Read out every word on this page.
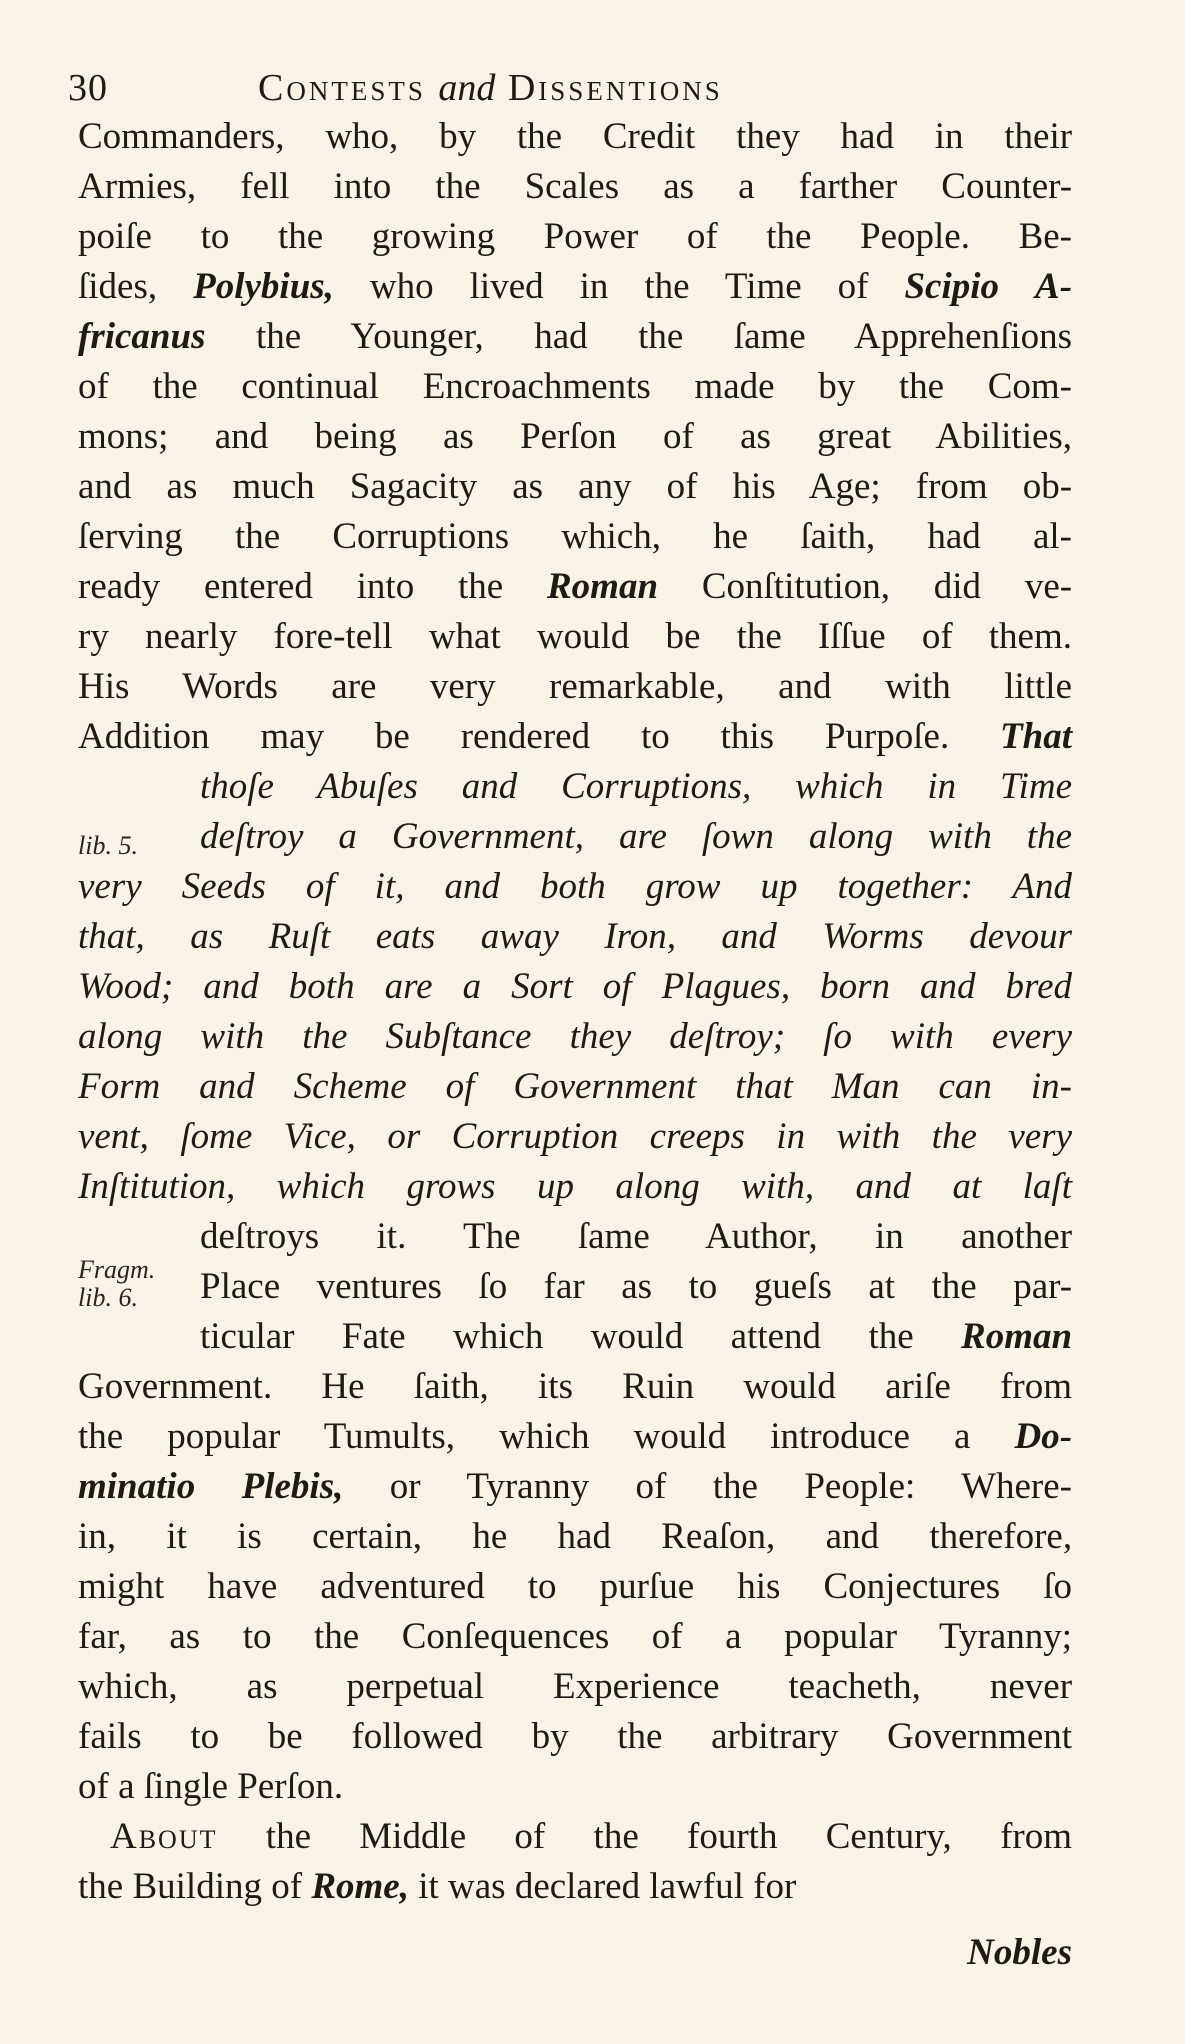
30	Contests and Dissentions
Commanders, who, by the Credit they had in their
Armies, fell into the Scales as a farther Counter-
poiſe to the growing Power of the People. Be-
ſides, Polybius, who lived in the Time of Scipio A-
fricanus the Younger, had the ſame Apprehenſions
of the continual Encroachments made by the Com-
mons; and being as Perſon of as great Abilities,
and as much Sagacity as any of his Age; from ob-
ſerving the Corruptions which, he ſaith, had al-
ready entered into the Roman Conſtitution, did ve-
ry nearly fore-tell what would be the Iſſue of them.
His Words are very remarkable, and with little
Addition may be rendered to this Purpoſe. That
thoſe Abuſes and Corruptions, which in Time
deſtroy a Government, are ſown along with the
very Seeds of it, and both grow up together: And
that, as Ruſt eats away Iron, and Worms devour
Wood; and both are a Sort of Plagues, born and bred
along with the Subſtance they deſtroy; ſo with every
Form and Scheme of Government that Man can in-
vent, ſome Vice, or Corruption creeps in with the very
Inſtitution, which grows up along with, and at laſt
deſtroys it. The ſame Author, in another
Place ventures ſo far as to gueſs at the par-
ticular Fate which would attend the Roman
Government. He ſaith, its Ruin would ariſe from
the popular Tumults, which would introduce a Do-
minatio Plebis, or Tyranny of the People: Where-
in, it is certain, he had Reaſon, and therefore,
might have adventured to purſue his Conjectures ſo
far, as to the Conſequences of a popular Tyranny;
which, as perpetual Experience teacheth, never
fails to be followed by the arbitrary Government
of a ſingle Perſon.
About the Middle of the fourth Century, from
the Building of Rome, it was declared lawful for
lib. 5.
Fragm.
lib. 6.
Nobles
